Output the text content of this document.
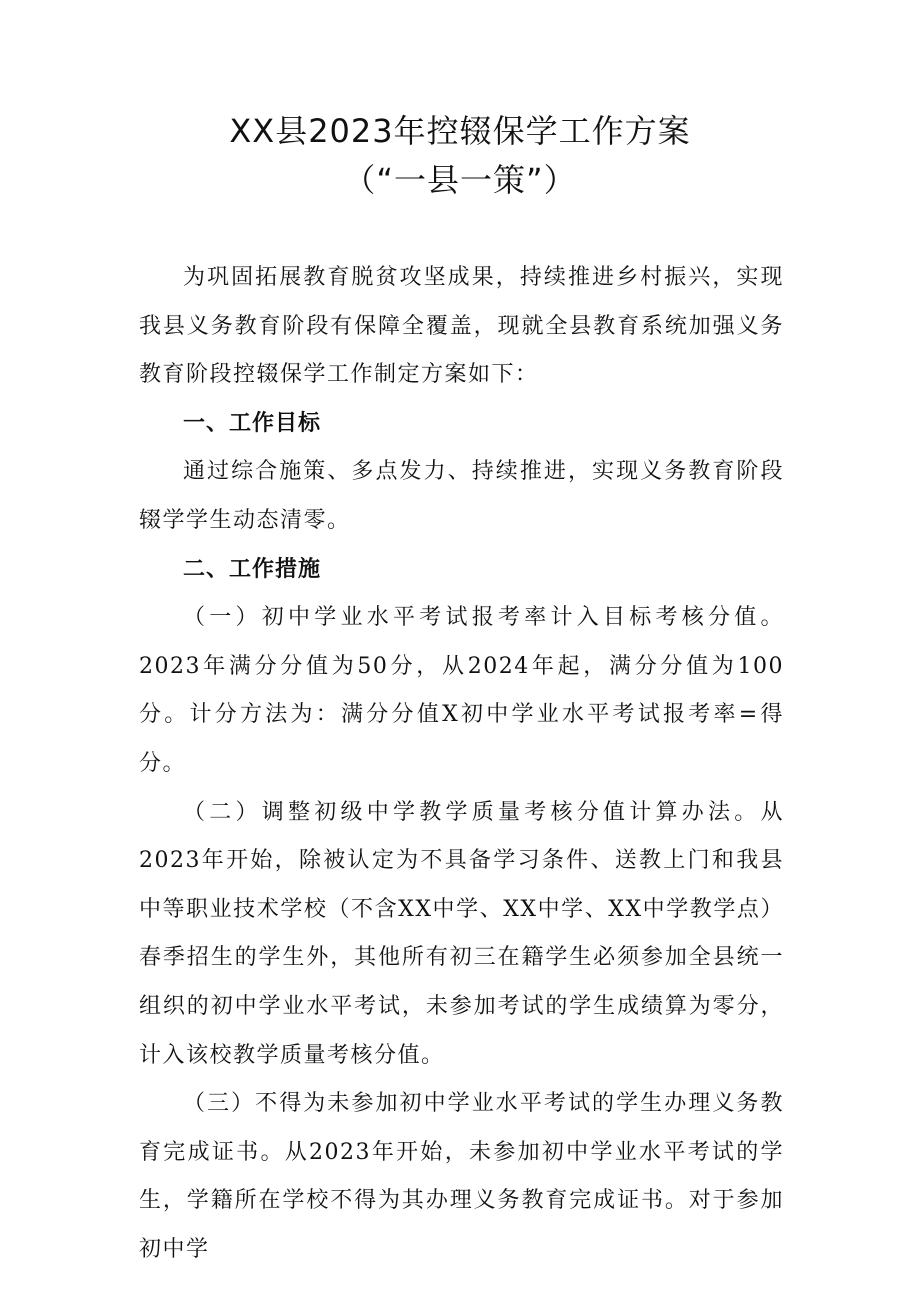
XX县2023年控辍保学工作方案
（“一县一策”）

为巩固拓展教育脱贫攻坚成果，持续推进乡村振兴，实现我县义务教育阶段有保障全覆盖，现就全县教育系统加强义务教育阶段控辍保学工作制定方案如下：

一、工作目标

通过综合施策、多点发力、持续推进，实现义务教育阶段辍学学生动态清零。

二、工作措施

（一）初中学业水平考试报考率计入目标考核分值。2023年满分分值为50分，从2024年起，满分分值为100分。计分方法为：满分分值X初中学业水平考试报考率=得分。

（二）调整初级中学教学质量考核分值计算办法。从2023年开始，除被认定为不具备学习条件、送教上门和我县中等职业技术学校（不含XX中学、XX中学、XX中学教学点）春季招生的学生外，其他所有初三在籍学生必须参加全县统一组织的初中学业水平考试，未参加考试的学生成绩算为零分，计入该校教学质量考核分值。

（三）不得为未参加初中学业水平考试的学生办理义务教育完成证书。从2023年开始，未参加初中学业水平考试的学生，学籍所在学校不得为其办理义务教育完成证书。对于参加初中学
